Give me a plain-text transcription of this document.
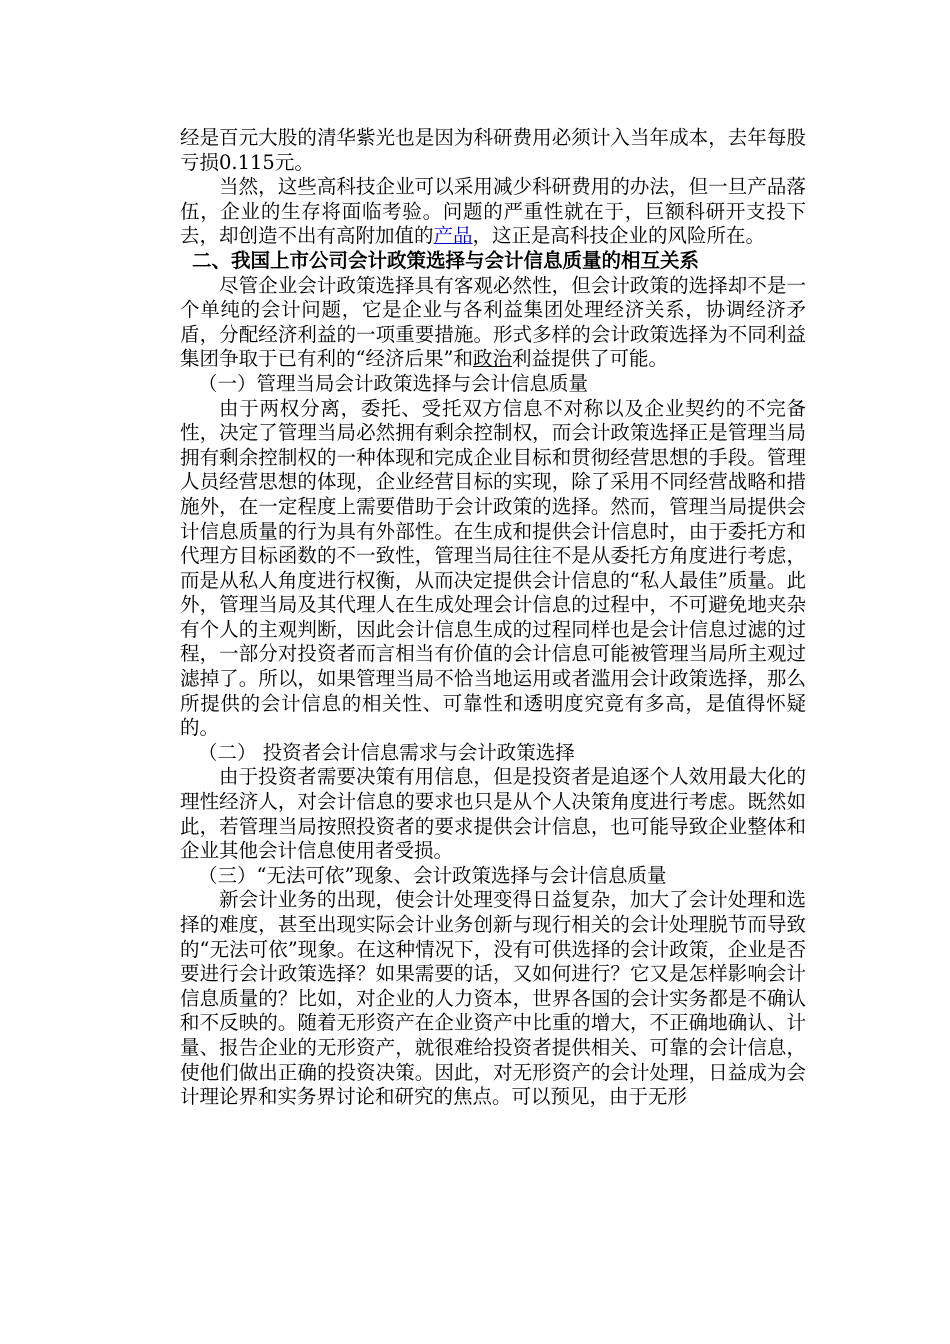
经是百元大股的清华紫光也是因为科研费用必须计入当年成本，去年每股亏损0.115元。

当然，这些高科技企业可以采用减少科研费用的办法，但一旦产品落伍，企业的生存将面临考验。问题的严重性就在于，巨额科研开支投下去，却创造不出有高附加值的产品，这正是高科技企业的风险所在。

二、我国上市公司会计政策选择与会计信息质量的相互关系

尽管企业会计政策选择具有客观必然性，但会计政策的选择却不是一个单纯的会计问题，它是企业与各利益集团处理经济关系，协调经济矛盾，分配经济利益的一项重要措施。形式多样的会计政策选择为不同利益集团争取于已有利的“经济后果”和政治利益提供了可能。

（一）管理当局会计政策选择与会计信息质量

由于两权分离，委托、受托双方信息不对称以及企业契约的不完备性，决定了管理当局必然拥有剩余控制权，而会计政策选择正是管理当局拥有剩余控制权的一种体现和完成企业目标和贯彻经营思想的手段。管理人员经营思想的体现，企业经营目标的实现，除了采用不同经营战略和措施外，在一定程度上需要借助于会计政策的选择。然而，管理当局提供会计信息质量的行为具有外部性。在生成和提供会计信息时，由于委托方和代理方目标函数的不一致性，管理当局往往不是从委托方角度进行考虑，而是从私人角度进行权衡，从而决定提供会计信息的“私人最佳”质量。此外，管理当局及其代理人在生成处理会计信息的过程中，不可避免地夹杂有个人的主观判断，因此会计信息生成的过程同样也是会计信息过滤的过程，一部分对投资者而言相当有价值的会计信息可能被管理当局所主观过滤掉了。所以，如果管理当局不恰当地运用或者滥用会计政策选择，那么所提供的会计信息的相关性、可靠性和透明度究竟有多高，是值得怀疑的。

（二） 投资者会计信息需求与会计政策选择

由于投资者需要决策有用信息，但是投资者是追逐个人效用最大化的理性经济人，对会计信息的要求也只是从个人决策角度进行考虑。既然如此，若管理当局按照投资者的要求提供会计信息，也可能导致企业整体和企业其他会计信息使用者受损。

（三）“无法可依”现象、会计政策选择与会计信息质量

新会计业务的出现，使会计处理变得日益复杂，加大了会计处理和选择的难度，甚至出现实际会计业务创新与现行相关的会计处理脱节而导致的“无法可依”现象。在这种情况下，没有可供选择的会计政策，企业是否要进行会计政策选择？如果需要的话，又如何进行？它又是怎样影响会计信息质量的？比如，对企业的人力资本，世界各国的会计实务都是不确认和不反映的。随着无形资产在企业资产中比重的增大，不正确地确认、计量、报告企业的无形资产，就很难给投资者提供相关、可靠的会计信息，使他们做出正确的投资决策。因此，对无形资产的会计处理，日益成为会计理论界和实务界讨论和研究的焦点。可以预见，由于无形
